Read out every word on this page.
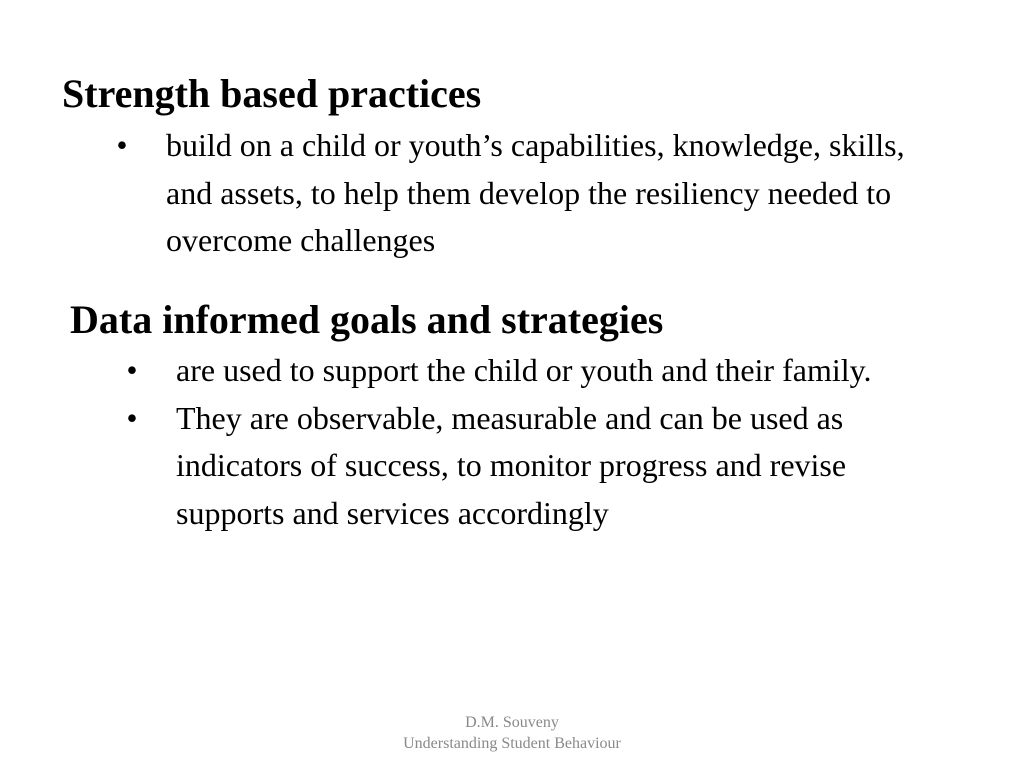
Strength based practices
• build on a child or youth’s capabilities, knowledge, skills, and assets, to help them develop the resiliency needed to overcome challenges
Data informed goals and strategies
• are used to support the child or youth and their family.
• They are observable, measurable and can be used as indicators of success, to monitor progress and revise supports and services accordingly
D.M. Souveny
Understanding Student Behaviour
